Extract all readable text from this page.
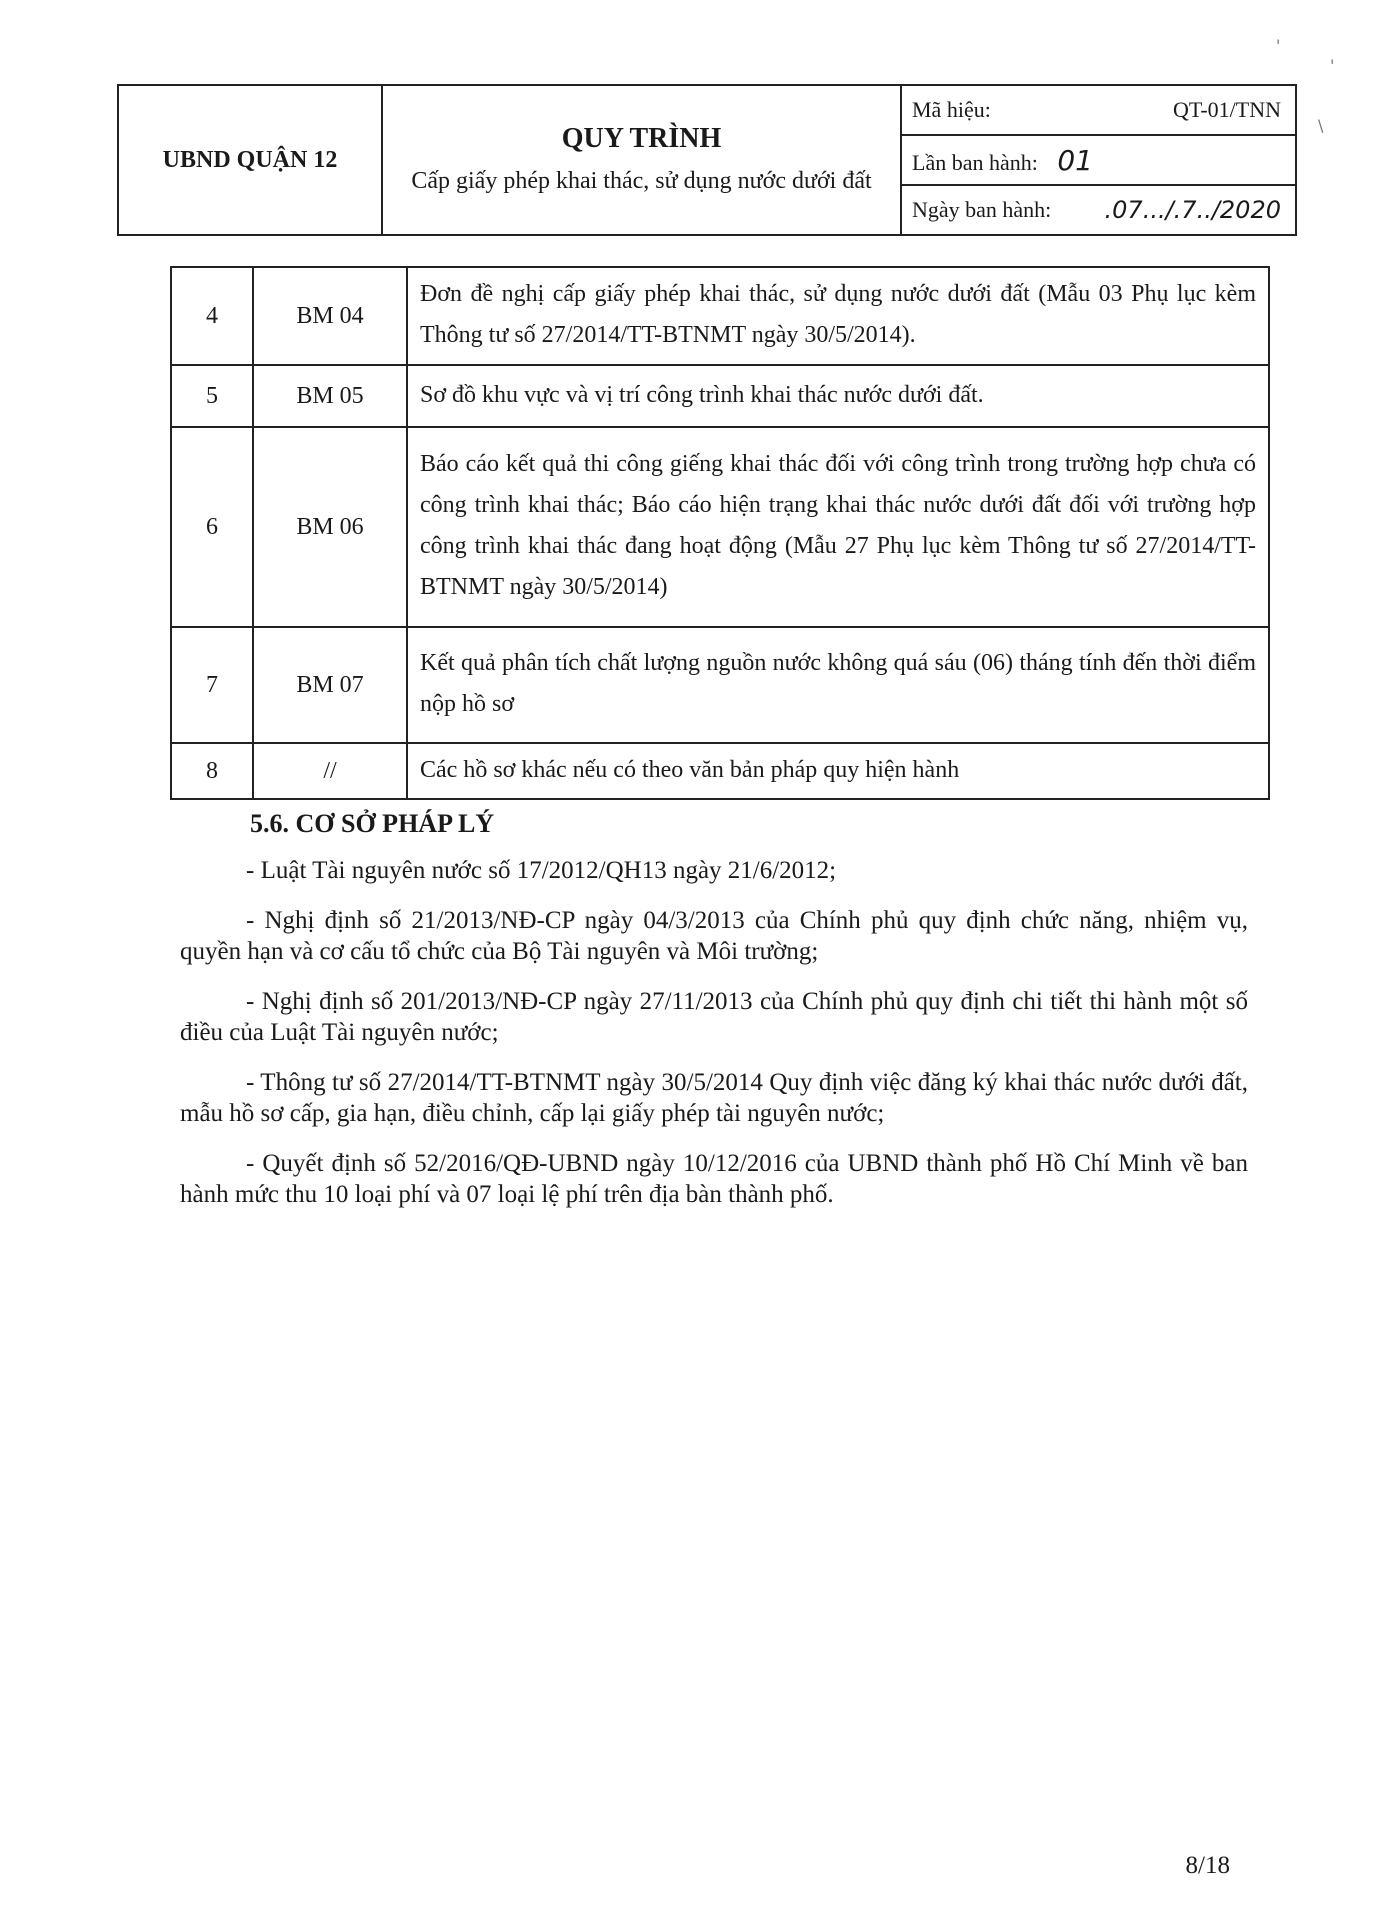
UBND QUẬN 12	
QUY TRÌNH
Cấp giấy phép khai thác, sử dụng nước dưới đất
	Mã hiệu:	QT-01/TNN

Lần ban hành: 01
Ngày ban hành: .07.../.7../2020
4	BM 04	Đơn đề nghị cấp giấy phép khai thác, sử dụng nước dưới đất (Mẫu 03 Phụ lục kèm Thông tư số 27/2014/TT-BTNMT ngày 30/5/2014).
5	BM 05	Sơ đồ khu vực và vị trí công trình khai thác nước dưới đất.
6	BM 06	Báo cáo kết quả thi công giếng khai thác đối với công trình trong trường hợp chưa có công trình khai thác; Báo cáo hiện trạng khai thác nước dưới đất đối với trường hợp công trình khai thác đang hoạt động (Mẫu 27 Phụ lục kèm Thông tư số 27/2014/TT-BTNMT ngày 30/5/2014)
7	BM 07	Kết quả phân tích chất lượng nguồn nước không quá sáu (06) tháng tính đến thời điểm nộp hồ sơ
8	//	Các hồ sơ khác nếu có theo văn bản pháp quy hiện hành
5.6. CƠ SỞ PHÁP LÝ

- Luật Tài nguyên nước số 17/2012/QH13 ngày 21/6/2012;

- Nghị định số 21/2013/NĐ-CP ngày 04/3/2013 của Chính phủ quy định chức năng, nhiệm vụ, quyền hạn và cơ cấu tổ chức của Bộ Tài nguyên và Môi trường;

- Nghị định số 201/2013/NĐ-CP ngày 27/11/2013 của Chính phủ quy định chi tiết thi hành một số điều của Luật Tài nguyên nước;

- Thông tư số 27/2014/TT-BTNMT ngày 30/5/2014 Quy định việc đăng ký khai thác nước dưới đất, mẫu hồ sơ cấp, gia hạn, điều chỉnh, cấp lại giấy phép tài nguyên nước;

- Quyết định số 52/2016/QĐ-UBND ngày 10/12/2016 của UBND thành phố Hồ Chí Minh về ban hành mức thu 10 loại phí và 07 loại lệ phí trên địa bàn thành phố.

8/18
'
'
\
